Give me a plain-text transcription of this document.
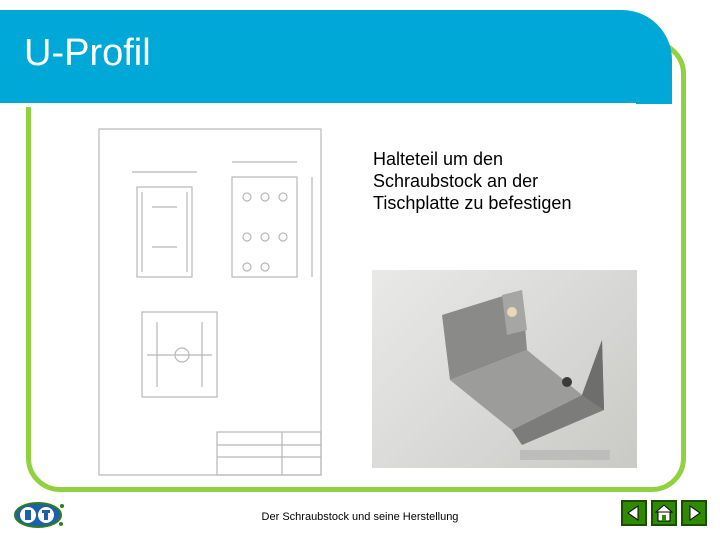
U-Profil
Halteteil um den
Schraubstock an der
Tischplatte zu befestigen
Der Schraubstock und seine Herstellung
